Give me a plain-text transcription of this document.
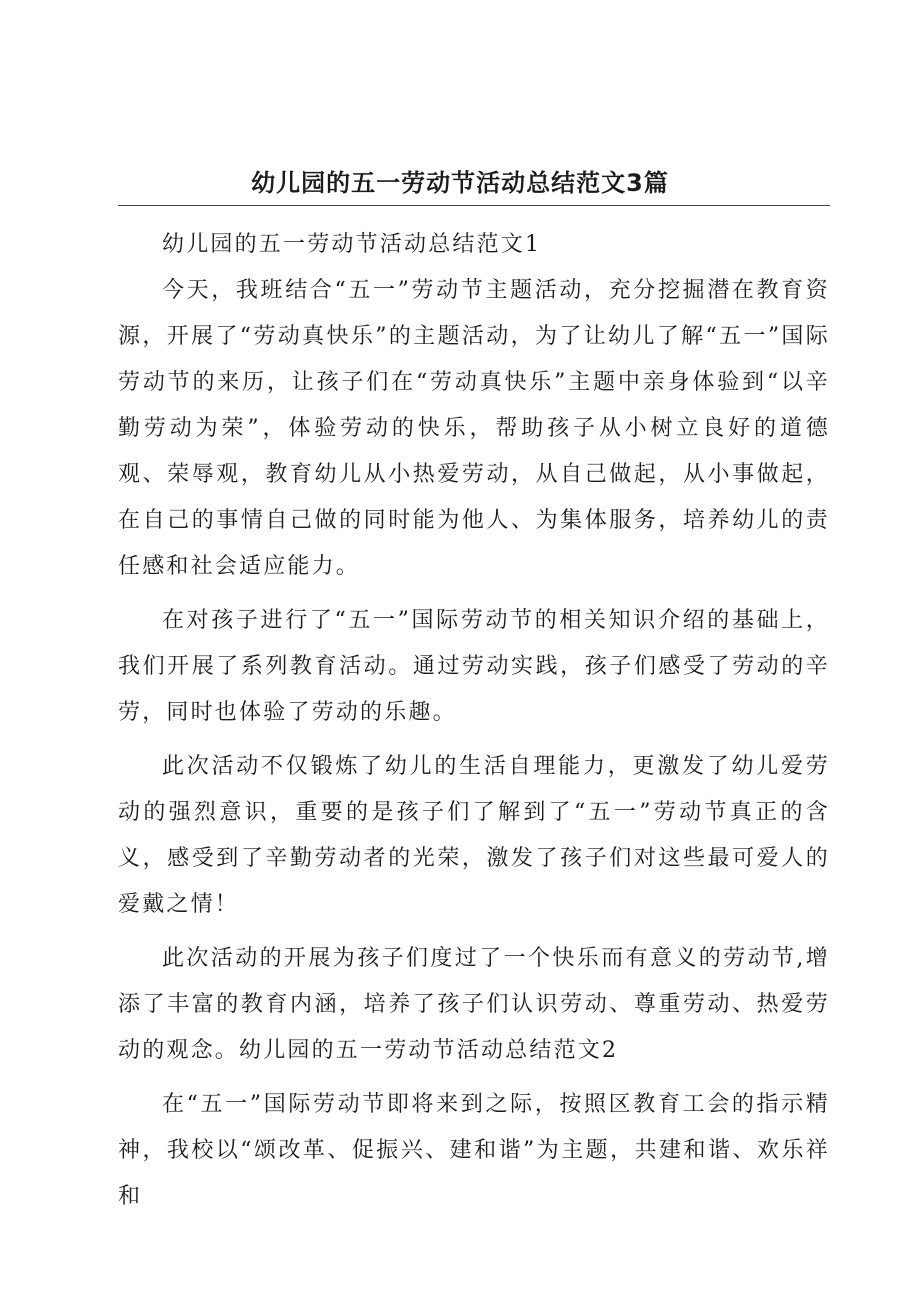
幼儿园的五一劳动节活动总结范文3篇

幼儿园的五一劳动节活动总结范文1

今天，我班结合“五一”劳动节主题活动，充分挖掘潜在教育资源，开展了“劳动真快乐”的主题活动，为了让幼儿了解“五一”国际劳动节的来历，让孩子们在“劳动真快乐”主题中亲身体验到“以辛勤劳动为荣”，体验劳动的快乐，帮助孩子从小树立良好的道德观、荣辱观，教育幼儿从小热爱劳动，从自己做起，从小事做起，在自己的事情自己做的同时能为他人、为集体服务，培养幼儿的责任感和社会适应能力。

在对孩子进行了“五一”国际劳动节的相关知识介绍的基础上，我们开展了系列教育活动。通过劳动实践，孩子们感受了劳动的辛劳，同时也体验了劳动的乐趣。

此次活动不仅锻炼了幼儿的生活自理能力，更激发了幼儿爱劳动的强烈意识，重要的是孩子们了解到了“五一”劳动节真正的含义，感受到了辛勤劳动者的光荣，激发了孩子们对这些最可爱人的爱戴之情！

此次活动的开展为孩子们度过了一个快乐而有意义的劳动节,增添了丰富的教育内涵，培养了孩子们认识劳动、尊重劳动、热爱劳动的观念。幼儿园的五一劳动节活动总结范文2

在“五一”国际劳动节即将来到之际，按照区教育工会的指示精神，我校以“颂改革、促振兴、建和谐”为主题，共建和谐、欢乐祥和
